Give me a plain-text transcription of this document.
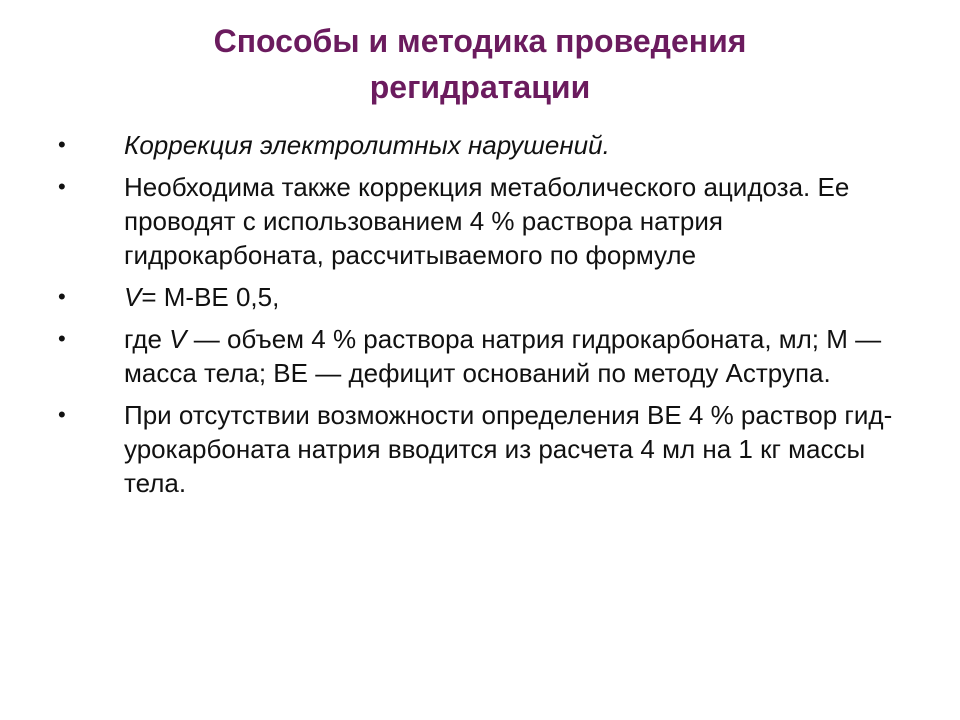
Способы и методика проведения
регидратации
• Коррекция электролитных нарушений.
• Необходима также коррекция метаболического ацидоза. Ее проводят с использованием 4 % раствора натрия гидрокарбоната, рассчитываемого по формуле
• V= М-BE 0,5,
• где V — объем 4 % раствора натрия гидрокарбоната, мл; М — масса тела; BE — дефицит оснований по методу Аструпа.
• При отсутствии возможности определения BE 4 % раствор гид-урокарбоната натрия вводится из расчета 4 мл на 1 кг массы тела.
